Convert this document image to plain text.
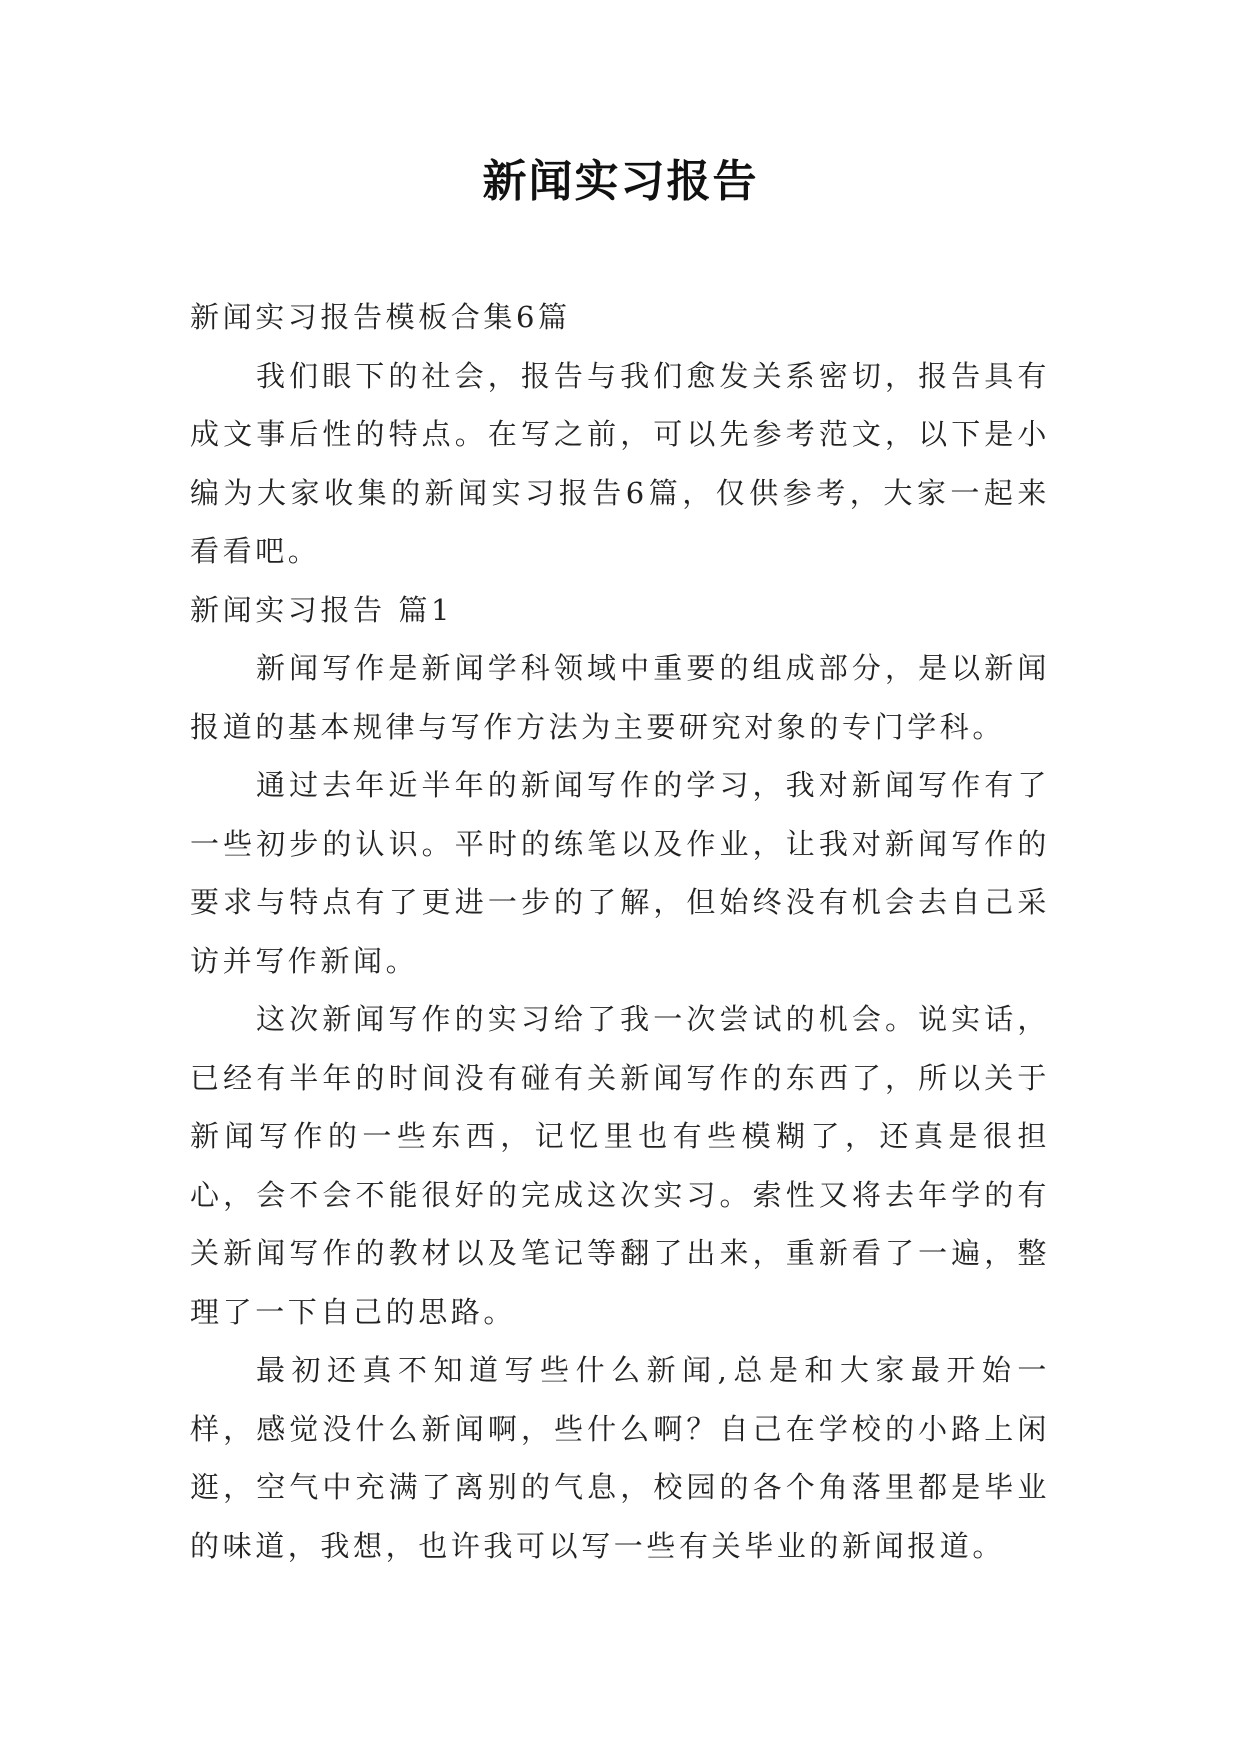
新闻实习报告

新闻实习报告模板合集6篇

我们眼下的社会，报告与我们愈发关系密切，报告具有成文事后性的特点。在写之前，可以先参考范文，以下是小编为大家收集的新闻实习报告6篇，仅供参考，大家一起来看看吧。

新闻实习报告 篇1

新闻写作是新闻学科领域中重要的组成部分，是以新闻报道的基本规律与写作方法为主要研究对象的专门学科。

通过去年近半年的新闻写作的学习，我对新闻写作有了一些初步的认识。平时的练笔以及作业，让我对新闻写作的要求与特点有了更进一步的了解，但始终没有机会去自己采访并写作新闻。

这次新闻写作的实习给了我一次尝试的机会。说实话，已经有半年的时间没有碰有关新闻写作的东西了，所以关于新闻写作的一些东西，记忆里也有些模糊了，还真是很担心，会不会不能很好的完成这次实习。索性又将去年学的有关新闻写作的教材以及笔记等翻了出来，重新看了一遍，整理了一下自己的思路。

最初还真不知道写些什么新闻,总是和大家最开始一样，感觉没什么新闻啊，些什么啊？自己在学校的小路上闲逛，空气中充满了离别的气息，校园的各个角落里都是毕业的味道，我想，也许我可以写一些有关毕业的新闻报道。
